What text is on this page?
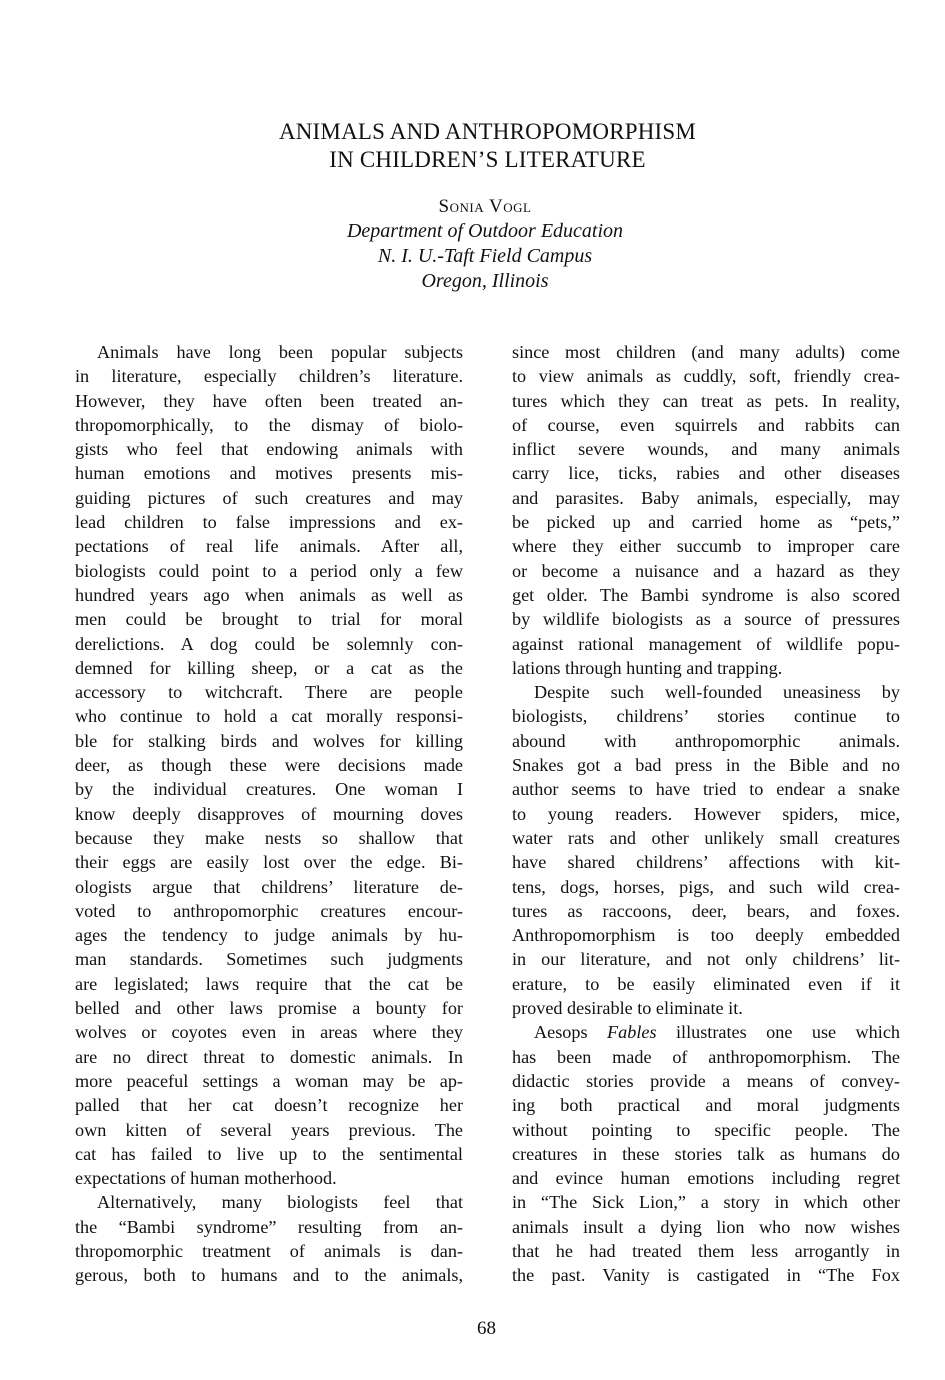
ANIMALS AND ANTHROPOMORPHISM
IN CHILDREN’S LITERATURE
Sonia Vogl
Department of Outdoor Education
N. I. U.-Taft Field Campus
Oregon, Illinois
Animals have long been popular subjects
in literature, especially children’s literature.
However, they have often been treated an-
thropomorphically, to the dismay of biolo-
gists who feel that endowing animals with
human emotions and motives presents mis-
guiding pictures of such creatures and may
lead children to false impressions and ex-
pectations of real life animals. After all,
biologists could point to a period only a few
hundred years ago when animals as well as
men could be brought to trial for moral
derelictions. A dog could be solemnly con-
demned for killing sheep, or a cat as the
accessory to witchcraft. There are people
who continue to hold a cat morally responsi-
ble for stalking birds and wolves for killing
deer, as though these were decisions made
by the individual creatures. One woman I
know deeply disapproves of mourning doves
because they make nests so shallow that
their eggs are easily lost over the edge. Bi-
ologists argue that childrens’ literature de-
voted to anthropomorphic creatures encour-
ages the tendency to judge animals by hu-
man standards. Sometimes such judgments
are legislated; laws require that the cat be
belled and other laws promise a bounty for
wolves or coyotes even in areas where they
are no direct threat to domestic animals. In
more peaceful settings a woman may be ap-
palled that her cat doesn’t recognize her
own kitten of several years previous. The
cat has failed to live up to the sentimental
expectations of human motherhood.
Alternatively, many biologists feel that
the “Bambi syndrome” resulting from an-
thropomorphic treatment of animals is dan-
gerous, both to humans and to the animals,
since most children (and many adults) come
to view animals as cuddly, soft, friendly crea-
tures which they can treat as pets. In reality,
of course, even squirrels and rabbits can
inflict severe wounds, and many animals
carry lice, ticks, rabies and other diseases
and parasites. Baby animals, especially, may
be picked up and carried home as “pets,”
where they either succumb to improper care
or become a nuisance and a hazard as they
get older. The Bambi syndrome is also scored
by wildlife biologists as a source of pressures
against rational management of wildlife popu-
lations through hunting and trapping.
Despite such well-founded uneasiness by
biologists, childrens’ stories continue to
abound with anthropomorphic animals.
Snakes got a bad press in the Bible and no
author seems to have tried to endear a snake
to young readers. However spiders, mice,
water rats and other unlikely small creatures
have shared childrens’ affections with kit-
tens, dogs, horses, pigs, and such wild crea-
tures as raccoons, deer, bears, and foxes.
Anthropomorphism is too deeply embedded
in our literature, and not only childrens’ lit-
erature, to be easily eliminated even if it
proved desirable to eliminate it.
Aesops Fables illustrates one use which
has been made of anthropomorphism. The
didactic stories provide a means of convey-
ing both practical and moral judgments
without pointing to specific people. The
creatures in these stories talk as humans do
and evince human emotions including regret
in “The Sick Lion,” a story in which other
animals insult a dying lion who now wishes
that he had treated them less arrogantly in
the past. Vanity is castigated in “The Fox
68
